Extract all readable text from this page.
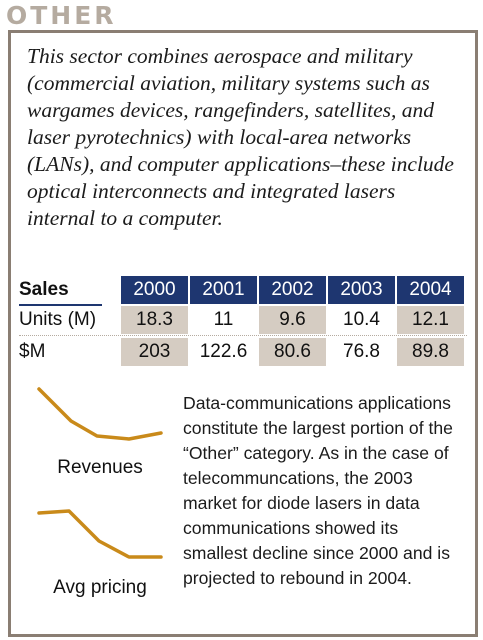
OTHER
This sector combines aerospace and military (commercial aviation, military systems such as wargames devices, rangefinders, satellites, and laser pyrotechnics) with local-area networks (LANs), and computer applications–these include optical interconnects and integrated lasers internal to a computer.
Sales	2000	2001	2002	2003	2004
Units (M)	18.3	11	9.6	10.4	12.1
$M	203	122.6	80.6	76.8	89.8
Revenues
Avg pricing
Data-communications applications constitute the largest portion of the “Other” category. As in the case of telecommuncations, the 2003 market for diode lasers in data communications showed its smallest decline since 2000 and is projected to rebound in 2004.
